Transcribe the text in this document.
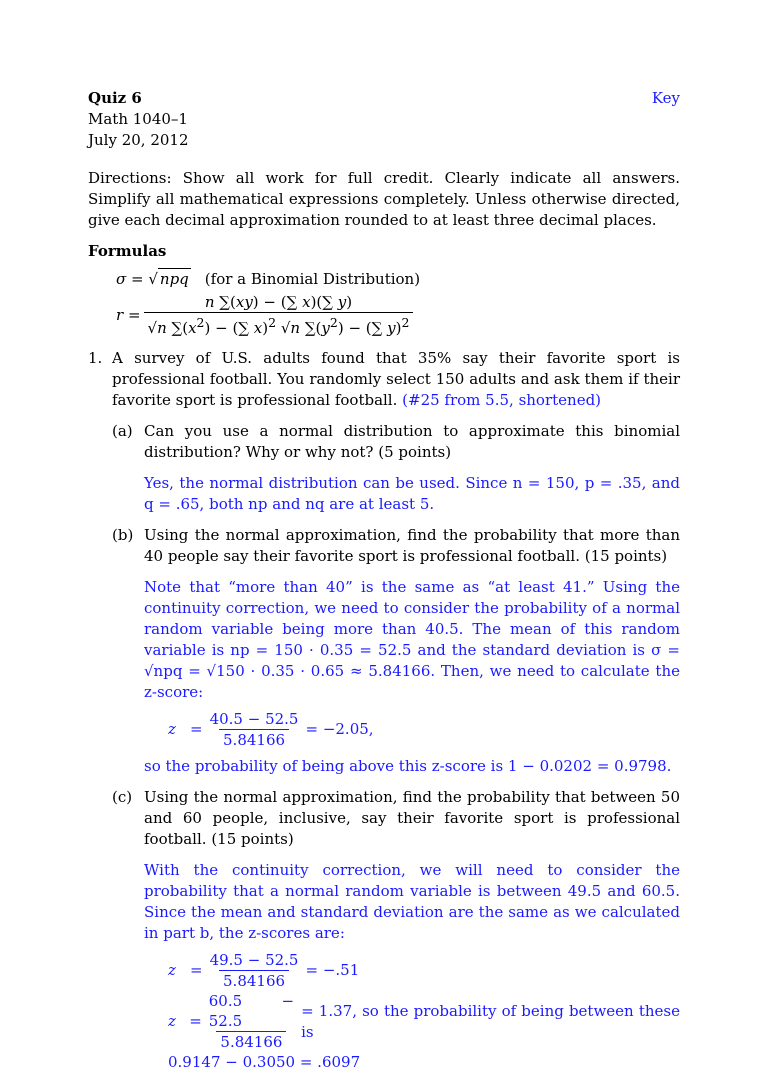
Quiz 6
Math 1040–1
July 20, 2012
Key
Directions: Show all work for full credit. Clearly indicate all answers. Simplify all mathematical expressions completely. Unless otherwise directed, give each decimal approximation rounded to at least three decimal places.
Formulas
σ = √ npq (for a Binomial Distribution)
$r = \frac{n \sum(xy) - (\sum x)(\sum y)}{√n \sum(x^2) - (\sum x)^2 √n \sum(y^2) - (\sum y)^2}$
1. A survey of U.S. adults found that 35% say their favorite sport is professional football. You randomly select 150 adults and ask them if their favorite sport is professional football. (#25 from 5.5, shortened)
(a) Can you use a normal distribution to approximate this binomial distribution? Why or why not? (5 points)
Yes, the normal distribution can be used. Since n = 150, p = .35, and q = .65, both np and nq are at least 5.
(b) Using the normal approximation, find the probability that more than 40 people say their favorite sport is professional football. (15 points)
Note that “more than 40” is the same as “at least 41.” Using the continuity correction, we need to consider the probability of a normal random variable being more than 40.5. The mean of this random variable is np = 150 · 0.35 = 52.5 and the standard deviation is σ = √npq = √150 · 0.35 · 0.65 ≈ 5.84166. Then, we need to calculate the z-score:
$z = \frac{40.5 - 52.5}{5.84166} = -2.05$,
so the probability of being above this z-score is 1 − 0.0202 = 0.9798.
(c) Using the normal approximation, find the probability that between 50 and 60 people, inclusive, say their favorite sport is professional football. (15 points)
With the continuity correction, we will need to consider the probability that a normal random variable is between 49.5 and 60.5. Since the mean and standard deviation are the same as we calculated in part b, the z-scores are:
$z = \frac{49.5 - 52.5}{5.84166} = -.51$
$z = \frac{60.5 - 52.5}{5.84166} = 1.37$, so the probability of being between these is
0.9147 − 0.3050 = .6097
